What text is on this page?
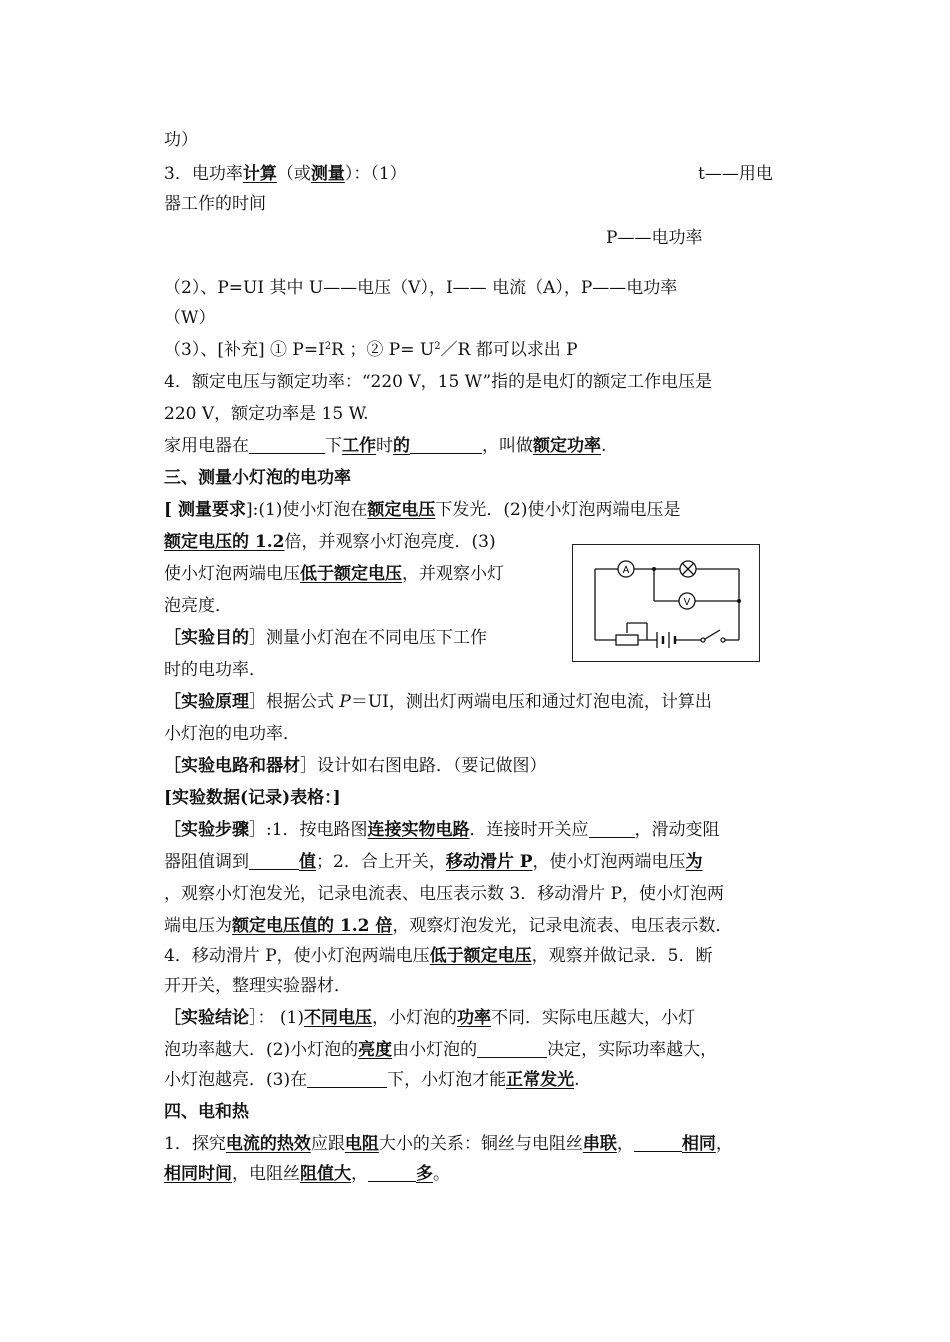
功）
3．电功率计算（或测量）：（1）	t——用电
器工作的时间
P——电功率
（2）、P=UI 其中 U——电压（V），I—— 电流（A），P——电功率
（W）
（3）、[补充] ① $P=I^2R$ ；② $P= U^2/R$ 都可以求出 P
4．额定电压与额定功率：“220 V，15 W”指的是电灯的额定工作电压是
220 V，额定功率是 15 W.
家用电器在	下工作时的	，叫做额定功率.
三、测量小灯泡的电功率
[ 测量要求]:(1)使小灯泡在额定电压下发光．(2)使小灯泡两端电压是
额定电压的 1.2倍，并观察小灯泡亮度．(3)
使小灯泡两端电压低于额定电压，并观察小灯
泡亮度．
［实验目的］测量小灯泡在不同电压下工作
时的电功率．
A
V
［实验原理］根据公式 P＝UI，测出灯两端电压和通过灯泡电流，计算出
小灯泡的电功率．
［实验电路和器材］设计如右图电路．（要记做图）
[实验数据(记录)表格：]
［实验步骤］:1．按电路图连接实物电路．连接时开关应	，滑动变阻
器阻值调到	值；2．合上开关，移动滑片 P，使小灯泡两端电压为
，观察小灯泡发光，记录电流表、电压表示数 3．移动滑片 P，使小灯泡两
端电压为额定电压值的 1.2 倍，观察灯泡发光，记录电流表、电压表示数．
4．移动滑片 P，使小灯泡两端电压低于额定电压，观察并做记录．5．断
开开关，整理实验器材．
［实验结论］： (1)不同电压，小灯泡的功率不同．实际电压越大，小灯
泡功率越大．(2)小灯泡的亮度由小灯泡的	决定，实际功率越大，
小灯泡越亮．(3)在	下，小灯泡才能正常发光.
四、电和热
1．探究电流的热效应跟电阻大小的关系：铜丝与电阻丝串联，	相同，
相同时间，电阻丝阻值大，	多。
